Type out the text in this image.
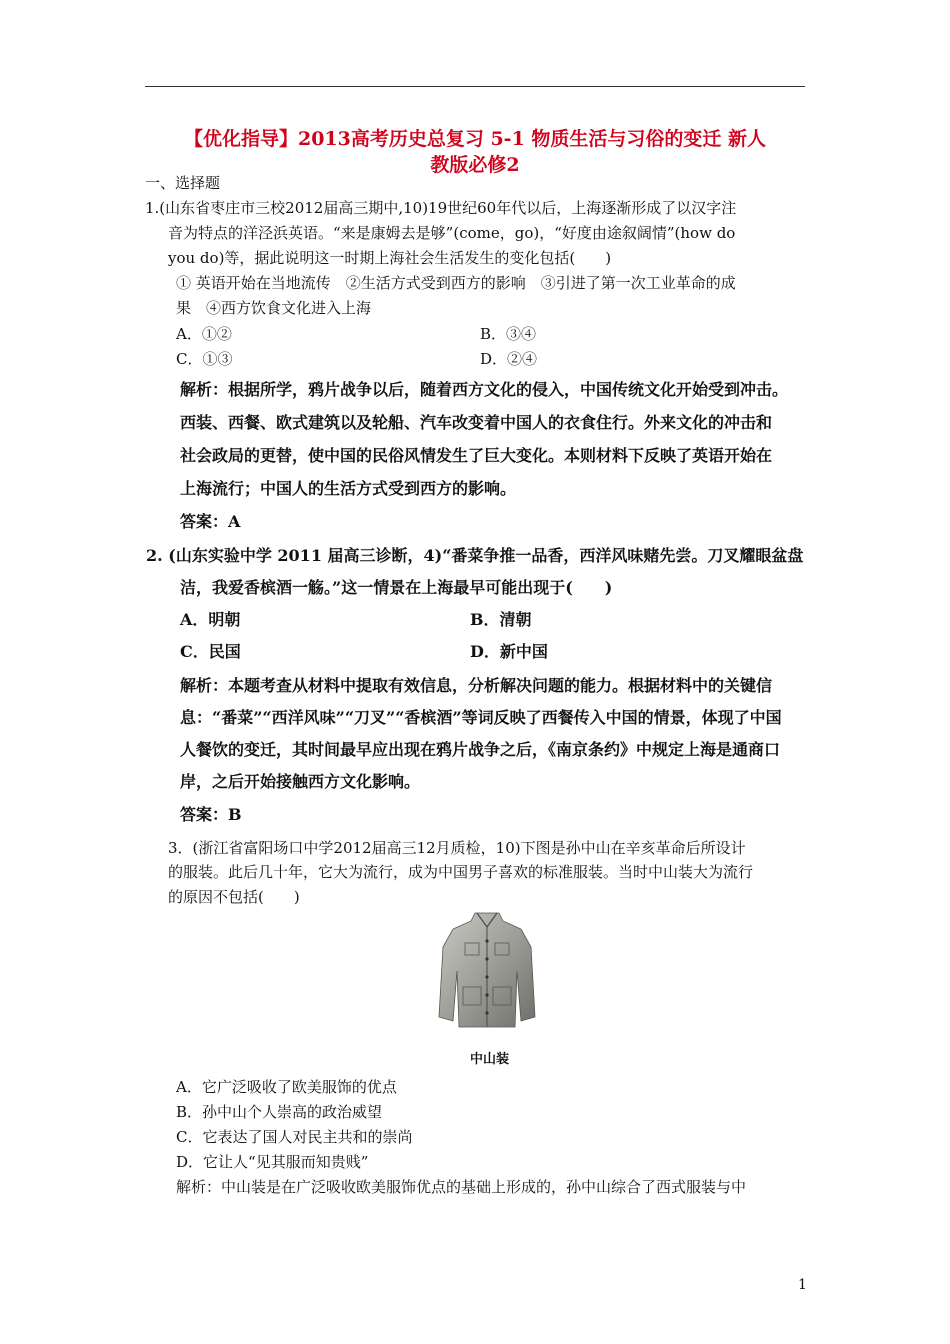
【优化指导】2013高考历史总复习 5-1 物质生活与习俗的变迁 新人
教版必修2
一、选择题
1.(山东省枣庄市三校2012届高三期中,10)19世纪60年代以后，上海逐渐形成了以汉字注
音为特点的洋泾浜英语。“来是康姆去是够”(come，go)，“好度由途叙阔情”(how do
you do)等，据此说明这一时期上海社会生活发生的变化包括(　　)
① 英语开始在当地流传　②生活方式受到西方的影响　③引进了第一次工业革命的成
果　④西方饮食文化进入上海
A．①②	B．③④
C．①③	D．②④
解析：根据所学，鸦片战争以后，随着西方文化的侵入，中国传统文化开始受到冲击。
西装、西餐、欧式建筑以及轮船、汽车改变着中国人的衣食住行。外来文化的冲击和
社会政局的更替，使中国的民俗风情发生了巨大变化。本则材料下反映了英语开始在
上海流行；中国人的生活方式受到西方的影响。
答案：A
2. (山东实验中学 2011 届高三诊断，4)“番菜争推一品香，西洋风味赌先尝。刀叉耀眼盆盘
洁，我爱香槟酒一觞。”这一情景在上海最早可能出现于(　　)
A．明朝	B．清朝
C．民国	D．新中国
解析：本题考查从材料中提取有效信息，分析解决问题的能力。根据材料中的关键信
息：“番菜”“西洋风味”“刀叉”“香槟酒”等词反映了西餐传入中国的情景，体现了中国
人餐饮的变迁，其时间最早应出现在鸦片战争之后，《南京条约》中规定上海是通商口
岸，之后开始接触西方文化影响。
答案：B
3．(浙江省富阳场口中学2012届高三12月质检，10)下图是孙中山在辛亥革命后所设计
的服装。此后几十年，它大为流行，成为中国男子喜欢的标准服装。当时中山装大为流行
的原因不包括(　　)
中山装
A．它广泛吸收了欧美服饰的优点
B．孙中山个人崇高的政治威望
C．它表达了国人对民主共和的崇尚
D．它让人“见其服而知贵贱”
解析：中山装是在广泛吸收欧美服饰优点的基础上形成的，孙中山综合了西式服装与中
1
